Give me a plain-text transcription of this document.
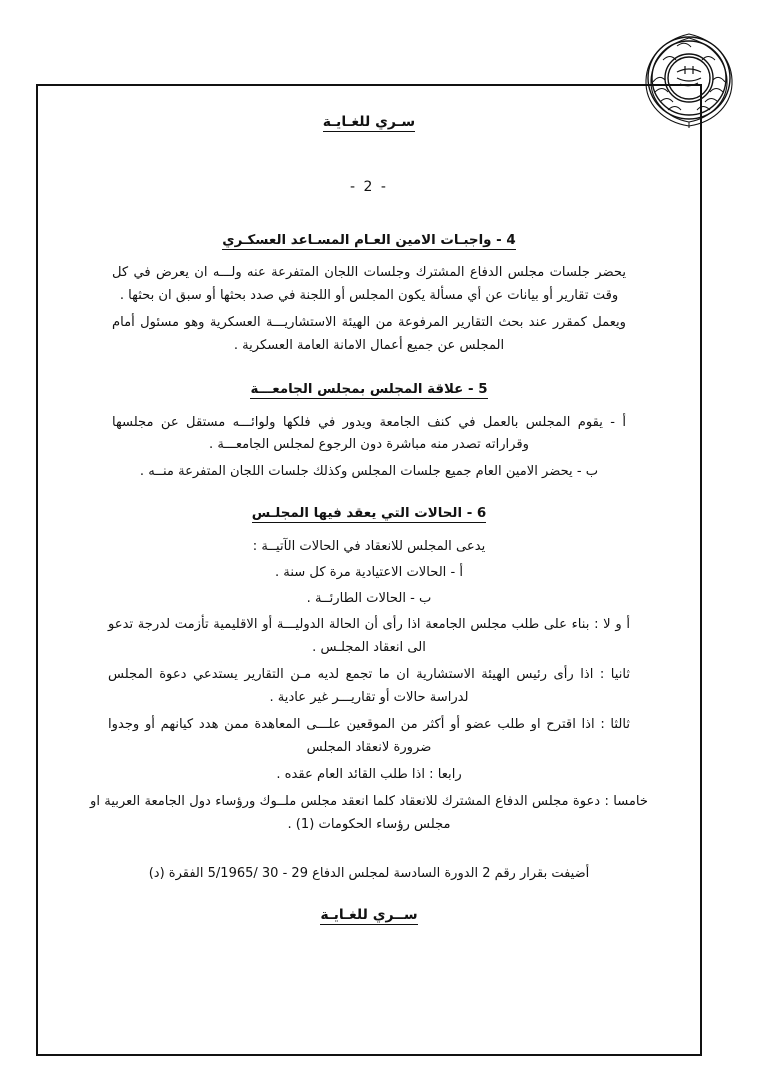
سـري للغـايـة
- 2 -
4 - واجبـات الامين العـام المسـاعد العسكـري
يحضر جلسات مجلس الدفاع المشترك وجلسات اللجان المتفرعة عنه ولـــه ان يعرض في كل وقت تقارير أو بيانات عن أي مسألة يكون المجلس أو اللجنة في صدد بحثها أو سبق ان بحثها .
ويعمل كمقرر عند بحث التقارير المرفوعة من الهيئة الاستشاريـــة العسكرية وهو مسئول أمام المجلس عن جميع أعمال الامانة العامة العسكرية .
5 - علاقة المجلس بمجلس الجامعـــة
أ - يقوم المجلس بالعمل في كنف الجامعة ويدور في فلكها ولوائـــه مستقل عن مجلسها وقراراته تصدر منه مباشرة دون الرجوع لمجلس الجامعـــة .
ب - يحضر الامين العام جميع جلسات المجلس وكذلك جلسات اللجان المتفرعة منــه .
6 - الحالات التي يعقد فيها المجلـس
يدعى المجلس للانعقاد في الحالات الآتيــة :
أ - الحالات الاعتيادية مرة كل سنة .
ب - الحالات الطارئــة .
أ و لا : بناء على طلب مجلس الجامعة اذا رأى أن الحالة الدوليـــة أو الاقليمية تأزمت لدرجة تدعو الى انعقاد المجلـس .
ثانيا : اذا رأى رئيس الهيئة الاستشارية ان ما تجمع لديه مـن التقارير يستدعي دعوة المجلس لدراسة حالات أو تقاريـــر غير عادية .
ثالثا : اذا اقترح او طلب عضو أو أكثر من الموقعين علـــى المعاهدة ممن هدد كيانهم أو وجدوا ضرورة لانعقاد المجلس
رابعا : اذا طلب القائد العام عقده .
خامسا : دعوة مجلس الدفاع المشترك للانعقاد كلما انعقد مجلس ملــوك ورؤساء دول الجامعة العربية او مجلس رؤساء الحكومات (1) .
أضيفت بقرار رقم 2 الدورة السادسة لمجلس الدفاع 29 - 30 /5/1965 الفقرة (د)
ســري للغـايـة
